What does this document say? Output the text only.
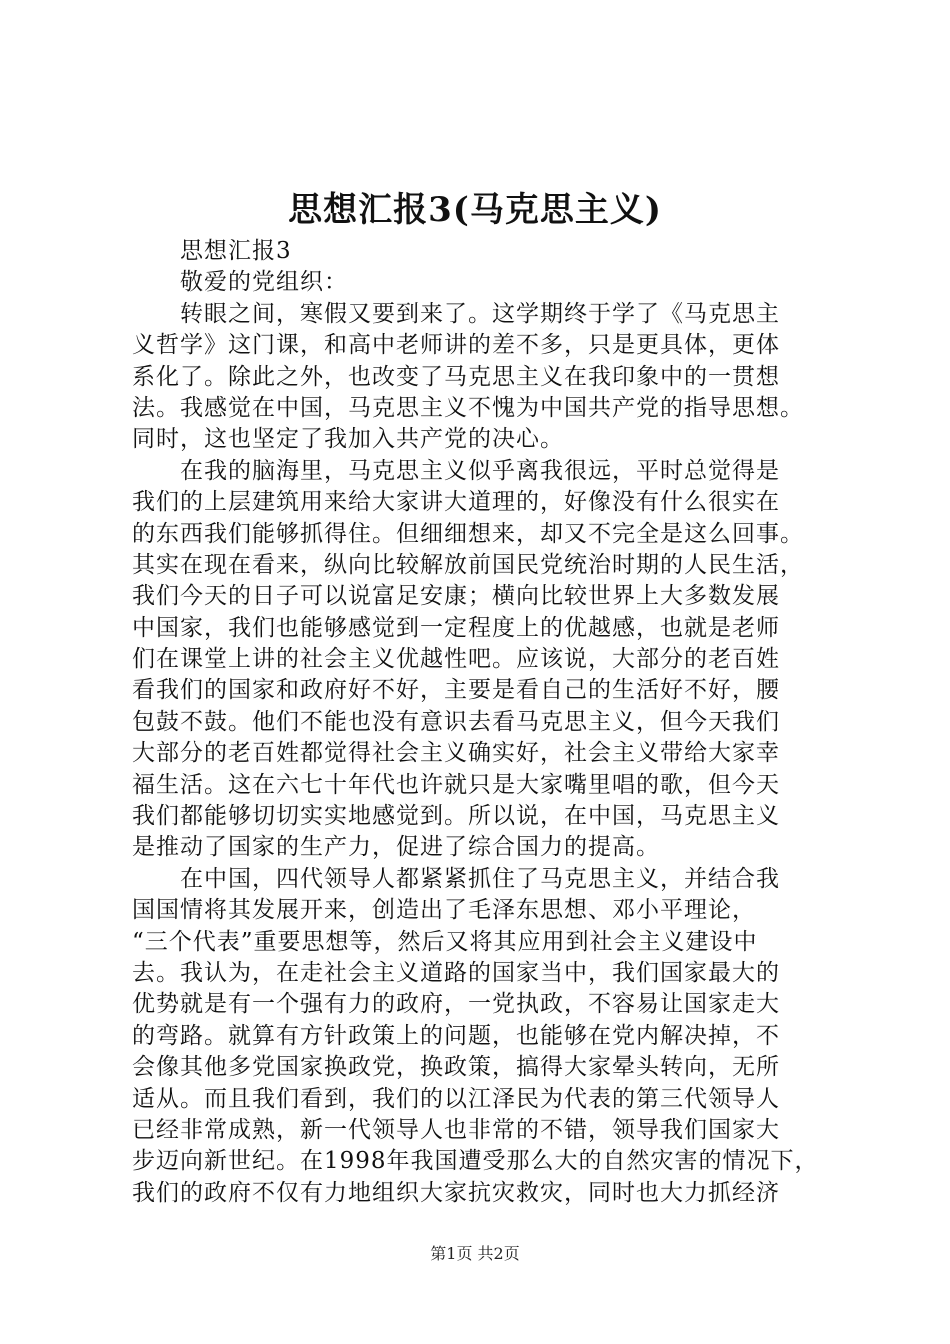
思想汇报3(马克思主义)
　　思想汇报3
　　敬爱的党组织：
　　转眼之间，寒假又要到来了。这学期终于学了《马克思主
义哲学》这门课，和高中老师讲的差不多，只是更具体，更体
系化了。除此之外，也改变了马克思主义在我印象中的一贯想
法。我感觉在中国，马克思主义不愧为中国共产党的指导思想。
同时，这也坚定了我加入共产党的决心。
　　在我的脑海里，马克思主义似乎离我很远，平时总觉得是
我们的上层建筑用来给大家讲大道理的，好像没有什么很实在
的东西我们能够抓得住。但细细想来，却又不完全是这么回事。
其实在现在看来，纵向比较解放前国民党统治时期的人民生活，
我们今天的日子可以说富足安康；横向比较世界上大多数发展
中国家，我们也能够感觉到一定程度上的优越感，也就是老师
们在课堂上讲的社会主义优越性吧。应该说，大部分的老百姓
看我们的国家和政府好不好，主要是看自己的生活好不好，腰
包鼓不鼓。他们不能也没有意识去看马克思主义，但今天我们
大部分的老百姓都觉得社会主义确实好，社会主义带给大家幸
福生活。这在六七十年代也许就只是大家嘴里唱的歌，但今天
我们都能够切切实实地感觉到。所以说，在中国，马克思主义
是推动了国家的生产力，促进了综合国力的提高。
　　在中国，四代领导人都紧紧抓住了马克思主义，并结合我
国国情将其发展开来，创造出了毛泽东思想、邓小平理论，
“三个代表”重要思想等，然后又将其应用到社会主义建设中
去。我认为，在走社会主义道路的国家当中，我们国家最大的
优势就是有一个强有力的政府，一党执政，不容易让国家走大
的弯路。就算有方针政策上的问题，也能够在党内解决掉，不
会像其他多党国家换政党，换政策，搞得大家晕头转向，无所
适从。而且我们看到，我们的以江泽民为代表的第三代领导人
已经非常成熟，新一代领导人也非常的不错，领导我们国家大
步迈向新世纪。在1998年我国遭受那么大的自然灾害的情况下，
我们的政府不仅有力地组织大家抗灾救灾，同时也大力抓经济
第1页 共2页
